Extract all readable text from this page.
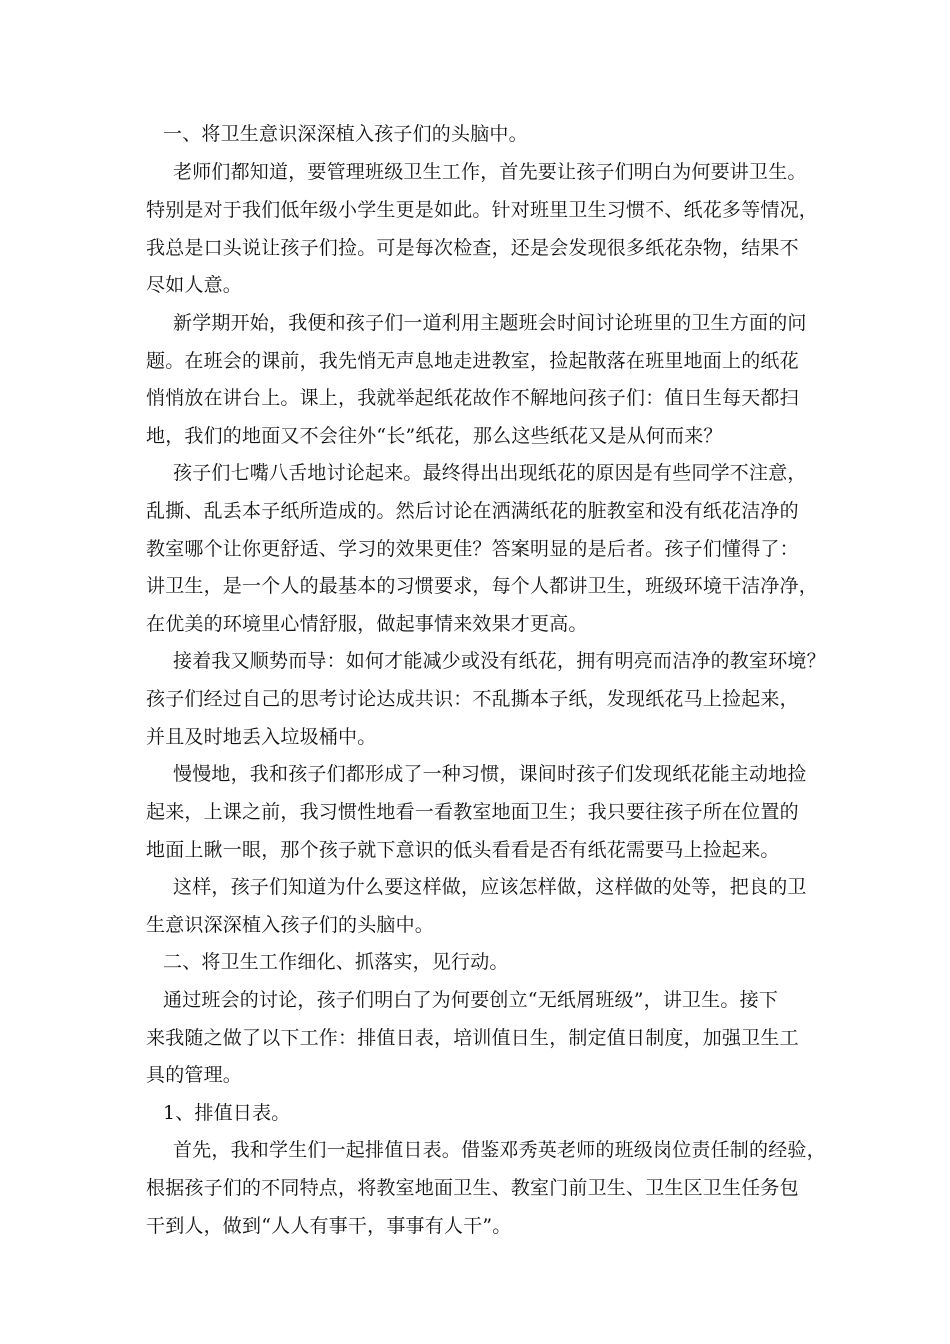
一、将卫生意识深深植入孩子们的头脑中。
老师们都知道，要管理班级卫生工作，首先要让孩子们明白为何要讲卫生。
特别是对于我们低年级小学生更是如此。针对班里卫生习惯不、纸花多等情况，
我总是口头说让孩子们捡。可是每次检查，还是会发现很多纸花杂物，结果不
尽如人意。
新学期开始，我便和孩子们一道利用主题班会时间讨论班里的卫生方面的问
题。在班会的课前，我先悄无声息地走进教室，捡起散落在班里地面上的纸花
悄悄放在讲台上。课上，我就举起纸花故作不解地问孩子们：值日生每天都扫
地，我们的地面又不会往外“长”纸花，那么这些纸花又是从何而来？
孩子们七嘴八舌地讨论起来。最终得出出现纸花的原因是有些同学不注意，
乱撕、乱丢本子纸所造成的。然后讨论在洒满纸花的脏教室和没有纸花洁净的
教室哪个让你更舒适、学习的效果更佳？答案明显的是后者。孩子们懂得了：
讲卫生，是一个人的最基本的习惯要求，每个人都讲卫生，班级环境干洁净净，
在优美的环境里心情舒服，做起事情来效果才更高。
接着我又顺势而导：如何才能减少或没有纸花，拥有明亮而洁净的教室环境？
孩子们经过自己的思考讨论达成共识：不乱撕本子纸，发现纸花马上捡起来，
并且及时地丢入垃圾桶中。
慢慢地，我和孩子们都形成了一种习惯，课间时孩子们发现纸花能主动地捡
起来，上课之前，我习惯性地看一看教室地面卫生；我只要往孩子所在位置的
地面上瞅一眼，那个孩子就下意识的低头看看是否有纸花需要马上捡起来。
这样，孩子们知道为什么要这样做，应该怎样做，这样做的处等，把良的卫
生意识深深植入孩子们的头脑中。
二、将卫生工作细化、抓落实，见行动。
通过班会的讨论，孩子们明白了为何要创立“无纸屑班级”，讲卫生。接下
来我随之做了以下工作：排值日表，培训值日生，制定值日制度，加强卫生工
具的管理。
1、排值日表。
首先，我和学生们一起排值日表。借鉴邓秀英老师的班级岗位责任制的经验，
根据孩子们的不同特点，将教室地面卫生、教室门前卫生、卫生区卫生任务包
干到人，做到“人人有事干，事事有人干”。
